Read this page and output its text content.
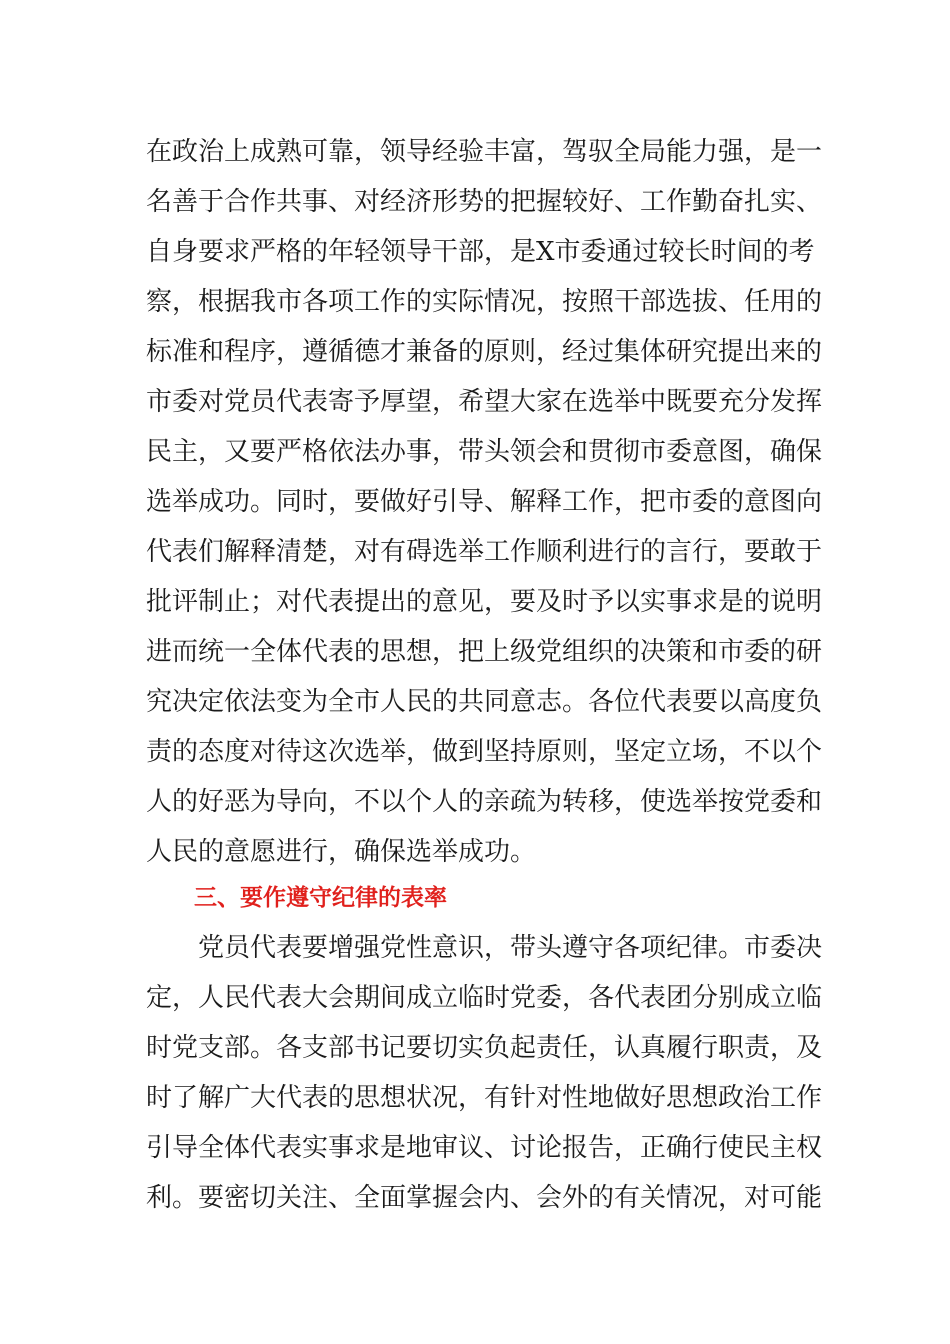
在政治上成熟可靠，领导经验丰富，驾驭全局能力强，是一
名善于合作共事、对经济形势的把握较好、工作勤奋扎实、
自身要求严格的年轻领导干部，是X市委通过较长时间的考
察，根据我市各项工作的实际情况，按照干部选拔、任用的
标准和程序，遵循德才兼备的原则，经过集体研究提出来的
市委对党员代表寄予厚望，希望大家在选举中既要充分发挥
民主，又要严格依法办事，带头领会和贯彻市委意图，确保
选举成功。同时，要做好引导、解释工作，把市委的意图向
代表们解释清楚，对有碍选举工作顺利进行的言行，要敢于
批评制止；对代表提出的意见，要及时予以实事求是的说明
进而统一全体代表的思想，把上级党组织的决策和市委的研
究决定依法变为全市人民的共同意志。各位代表要以高度负
责的态度对待这次选举，做到坚持原则，坚定立场，不以个
人的好恶为导向，不以个人的亲疏为转移，使选举按党委和
人民的意愿进行，确保选举成功。
三、要作遵守纪律的表率
党员代表要增强党性意识，带头遵守各项纪律。市委决
定，人民代表大会期间成立临时党委，各代表团分别成立临
时党支部。各支部书记要切实负起责任，认真履行职责，及
时了解广大代表的思想状况，有针对性地做好思想政治工作
引导全体代表实事求是地审议、讨论报告，正确行使民主权
利。要密切关注、全面掌握会内、会外的有关情况，对可能
